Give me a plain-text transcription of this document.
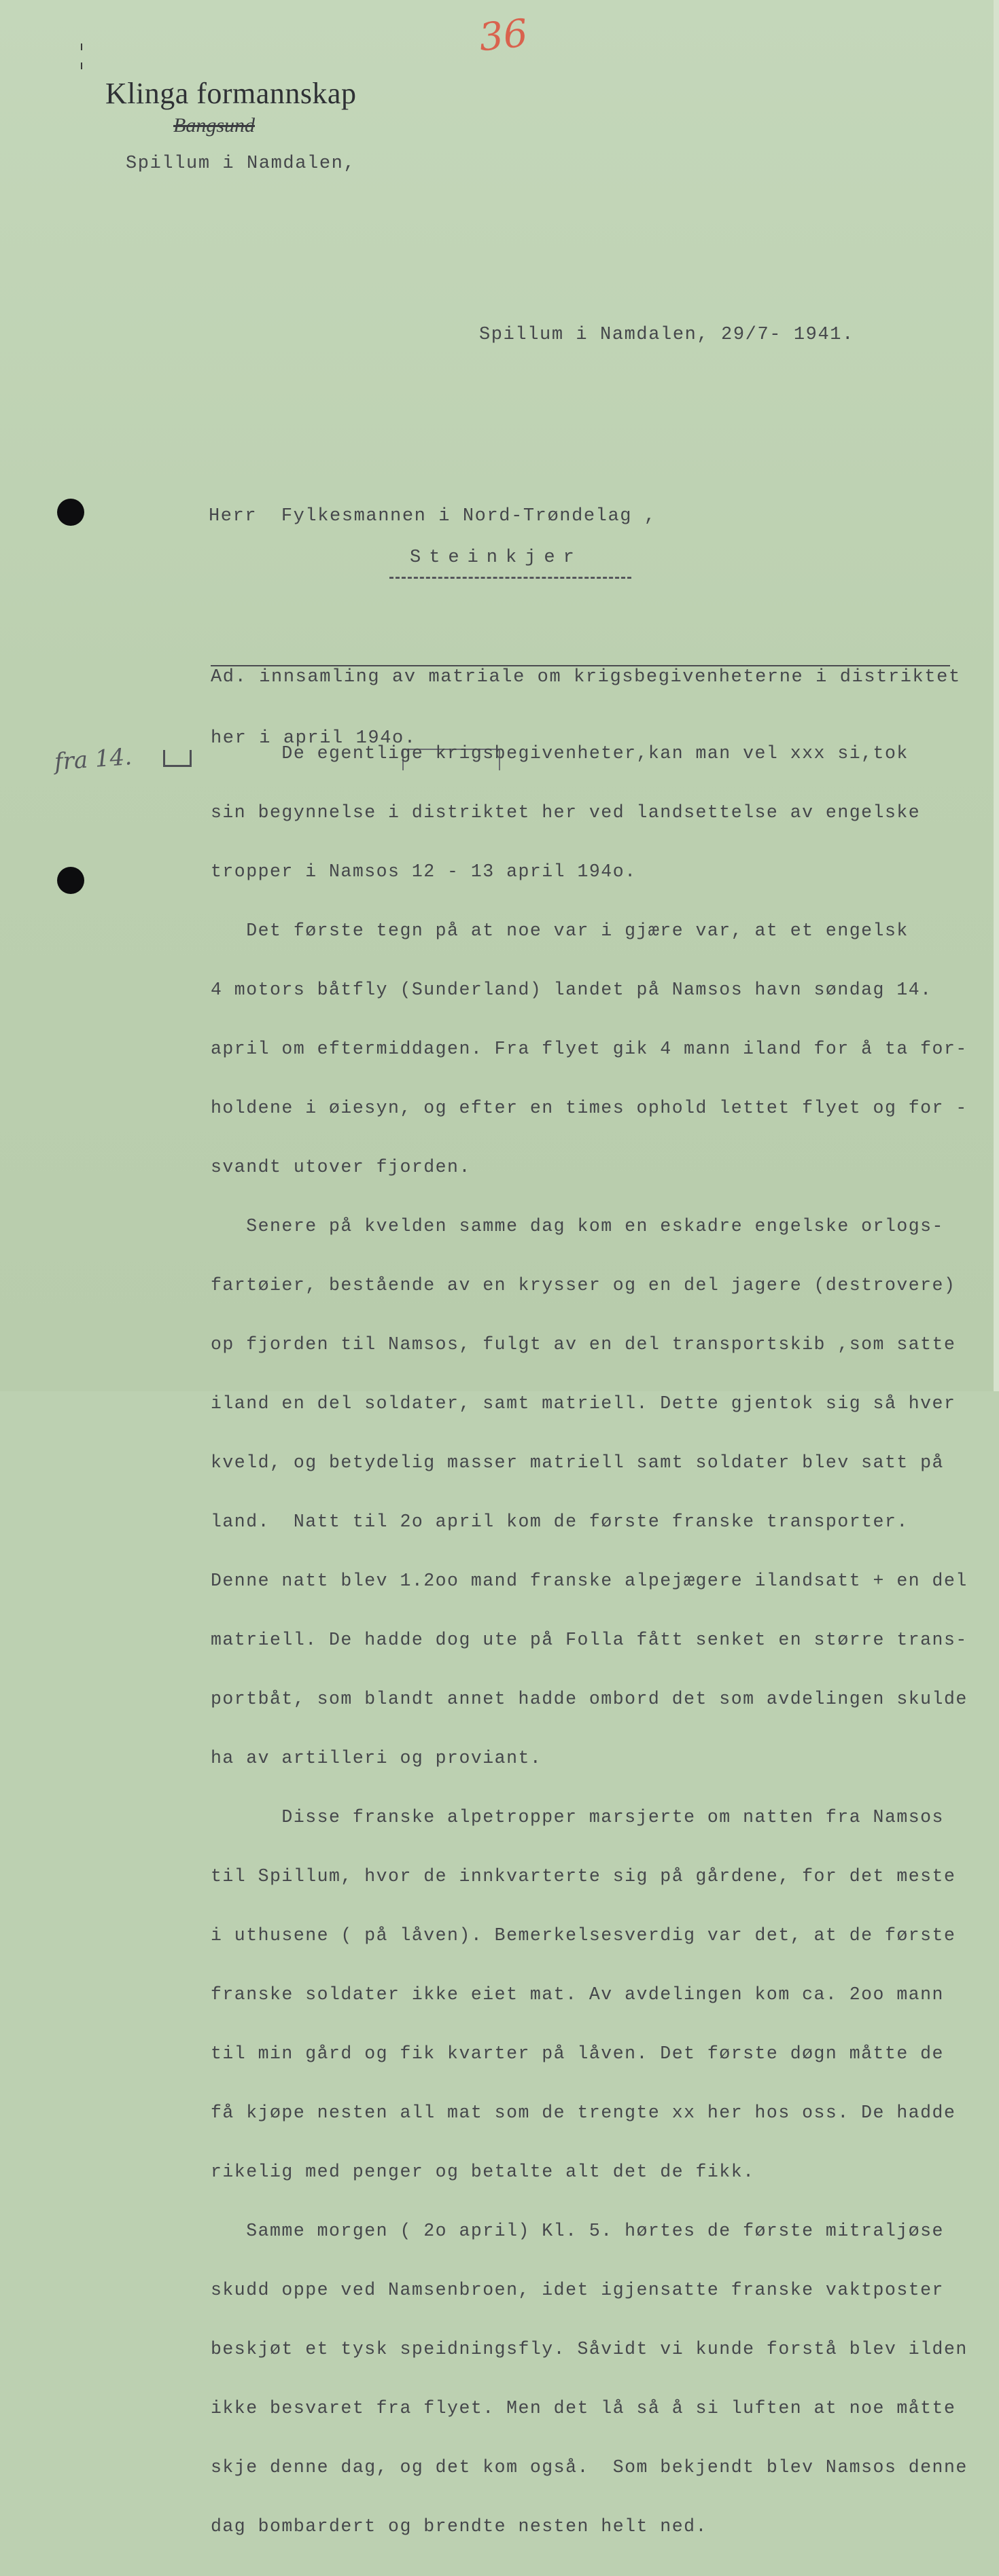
36
Klinga formannskap
Bangsund
Spillum i Namdalen,
Spillum i Namdalen, 29/7- 1941.
Herr  Fylkesmannen i Nord-Trøndelag ,
Steinkjer

Ad. innsamling av matriale om krigsbegivenheterne i distriktet

her i april 194o.

fra 14.

	De egentlige krigsbegivenheter,kan man vel xxx si,tok

sin begynnelse i distriktet her ved landsettelse av engelske

tropper i Namsos 12 - 13 april 194o.

Det første tegn på at noe var i gjære var, at et engelsk

4 motors båtfly (Sunderland) landet på Namsos havn søndag 14.

april om eftermiddagen. Fra flyet gik 4 mann iland for å ta for-

holdene i øiesyn, og efter en times ophold lettet flyet og for -

svandt utover fjorden.

Senere på kvelden samme dag kom en eskadre engelske orlogs-

fartøier, bestående av en krysser og en del jagere (destrovere)

op fjorden til Namsos, fulgt av en del transportskib ,som satte

iland en del soldater, samt matriell. Dette gjentok sig så hver

kveld, og betydelig masser matriell samt soldater blev satt på

land.  Natt til 2o april kom de første franske transporter.

Denne natt blev 1.2oo mand franske alpejægere ilandsatt + en del

matriell. De hadde dog ute på Folla fått senket en større trans-

portbåt, som blandt annet hadde ombord det som avdelingen skulde

ha av artilleri og proviant.

Disse franske alpetropper marsjerte om natten fra Namsos

til Spillum, hvor de innkvarterte sig på gårdene, for det meste

i uthusene ( på låven). Bemerkelsesverdig var det, at de første

franske soldater ikke eiet mat. Av avdelingen kom ca. 2oo mann

til min gård og fik kvarter på låven. Det første døgn måtte de

få kjøpe nesten all mat som de trengte xx her hos oss. De hadde

rikelig med penger og betalte alt det de fikk.

Samme morgen ( 2o april) Kl. 5. hørtes de første mitraljøse

skudd oppe ved Namsenbroen, idet igjensatte franske vaktposter

beskjøt et tysk speidningsfly. Såvidt vi kunde forstå blev ilden

ikke besvaret fra flyet. Men det lå så å si luften at noe måtte

skje denne dag, og det kom også.  Som bekjendt blev Namsos denne

dag bombardert og brendte nesten helt ned.
